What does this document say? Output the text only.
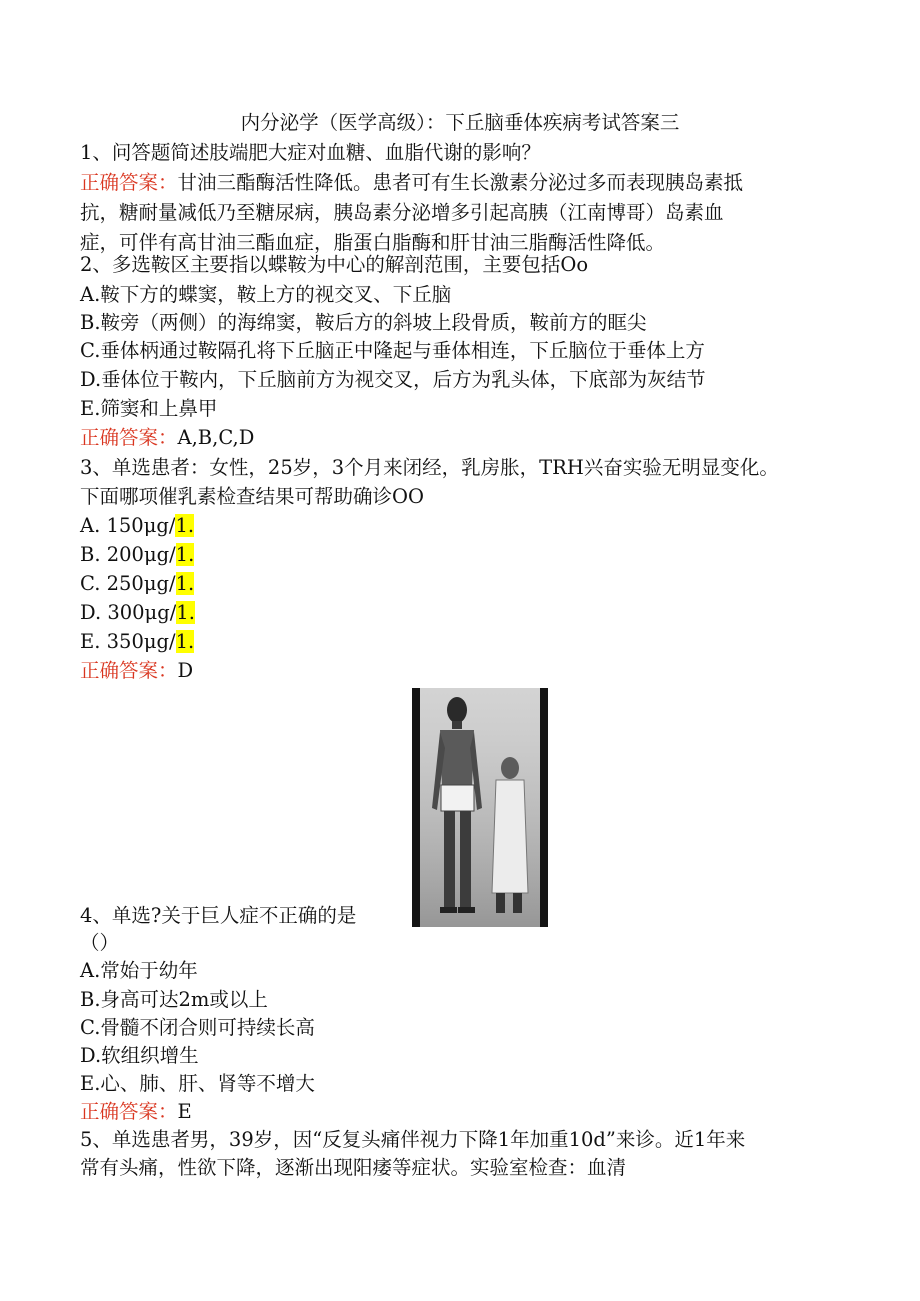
内分泌学（医学高级）：下丘脑垂体疾病考试答案三
1、问答题简述肢端肥大症对血糖、血脂代谢的影响？
正确答案：甘油三酯酶活性降低。患者可有生长激素分泌过多而表现胰岛素抵
抗，糖耐量减低乃至糖尿病，胰岛素分泌增多引起高胰（江南博哥）岛素血
症，可伴有高甘油三酯血症，脂蛋白脂酶和肝甘油三脂酶活性降低。
2、多选鞍区主要指以蝶鞍为中心的解剖范围，主要包括Oo
A.鞍下方的蝶窦，鞍上方的视交叉、下丘脑
B.鞍旁（两侧）的海绵窦，鞍后方的斜坡上段骨质，鞍前方的眶尖
C.垂体柄通过鞍隔孔将下丘脑正中隆起与垂体相连，下丘脑位于垂体上方
D.垂体位于鞍内，下丘脑前方为视交叉，后方为乳头体，下底部为灰结节
E.筛窦和上鼻甲
正确答案：A,B,C,D
3、单选患者：女性，25岁，3个月来闭经，乳房胀，TRH兴奋实验无明显变化。
下面哪项催乳素检查结果可帮助确诊OO
A. 150μg/1.
B. 200μg/1.
C. 250μg/1.
D. 300μg/1.
E. 350μg/1.
正确答案：D
4、单选?关于巨人症不正确的是
（）
A.常始于幼年
B.身高可达2m或以上
C.骨髓不闭合则可持续长高
D.软组织增生
E.心、肺、肝、肾等不增大
正确答案：E
5、单选患者男，39岁，因“反复头痛伴视力下降1年加重10d”来诊。近1年来
常有头痛，性欲下降，逐渐出现阳痿等症状。实验室检查：血清
